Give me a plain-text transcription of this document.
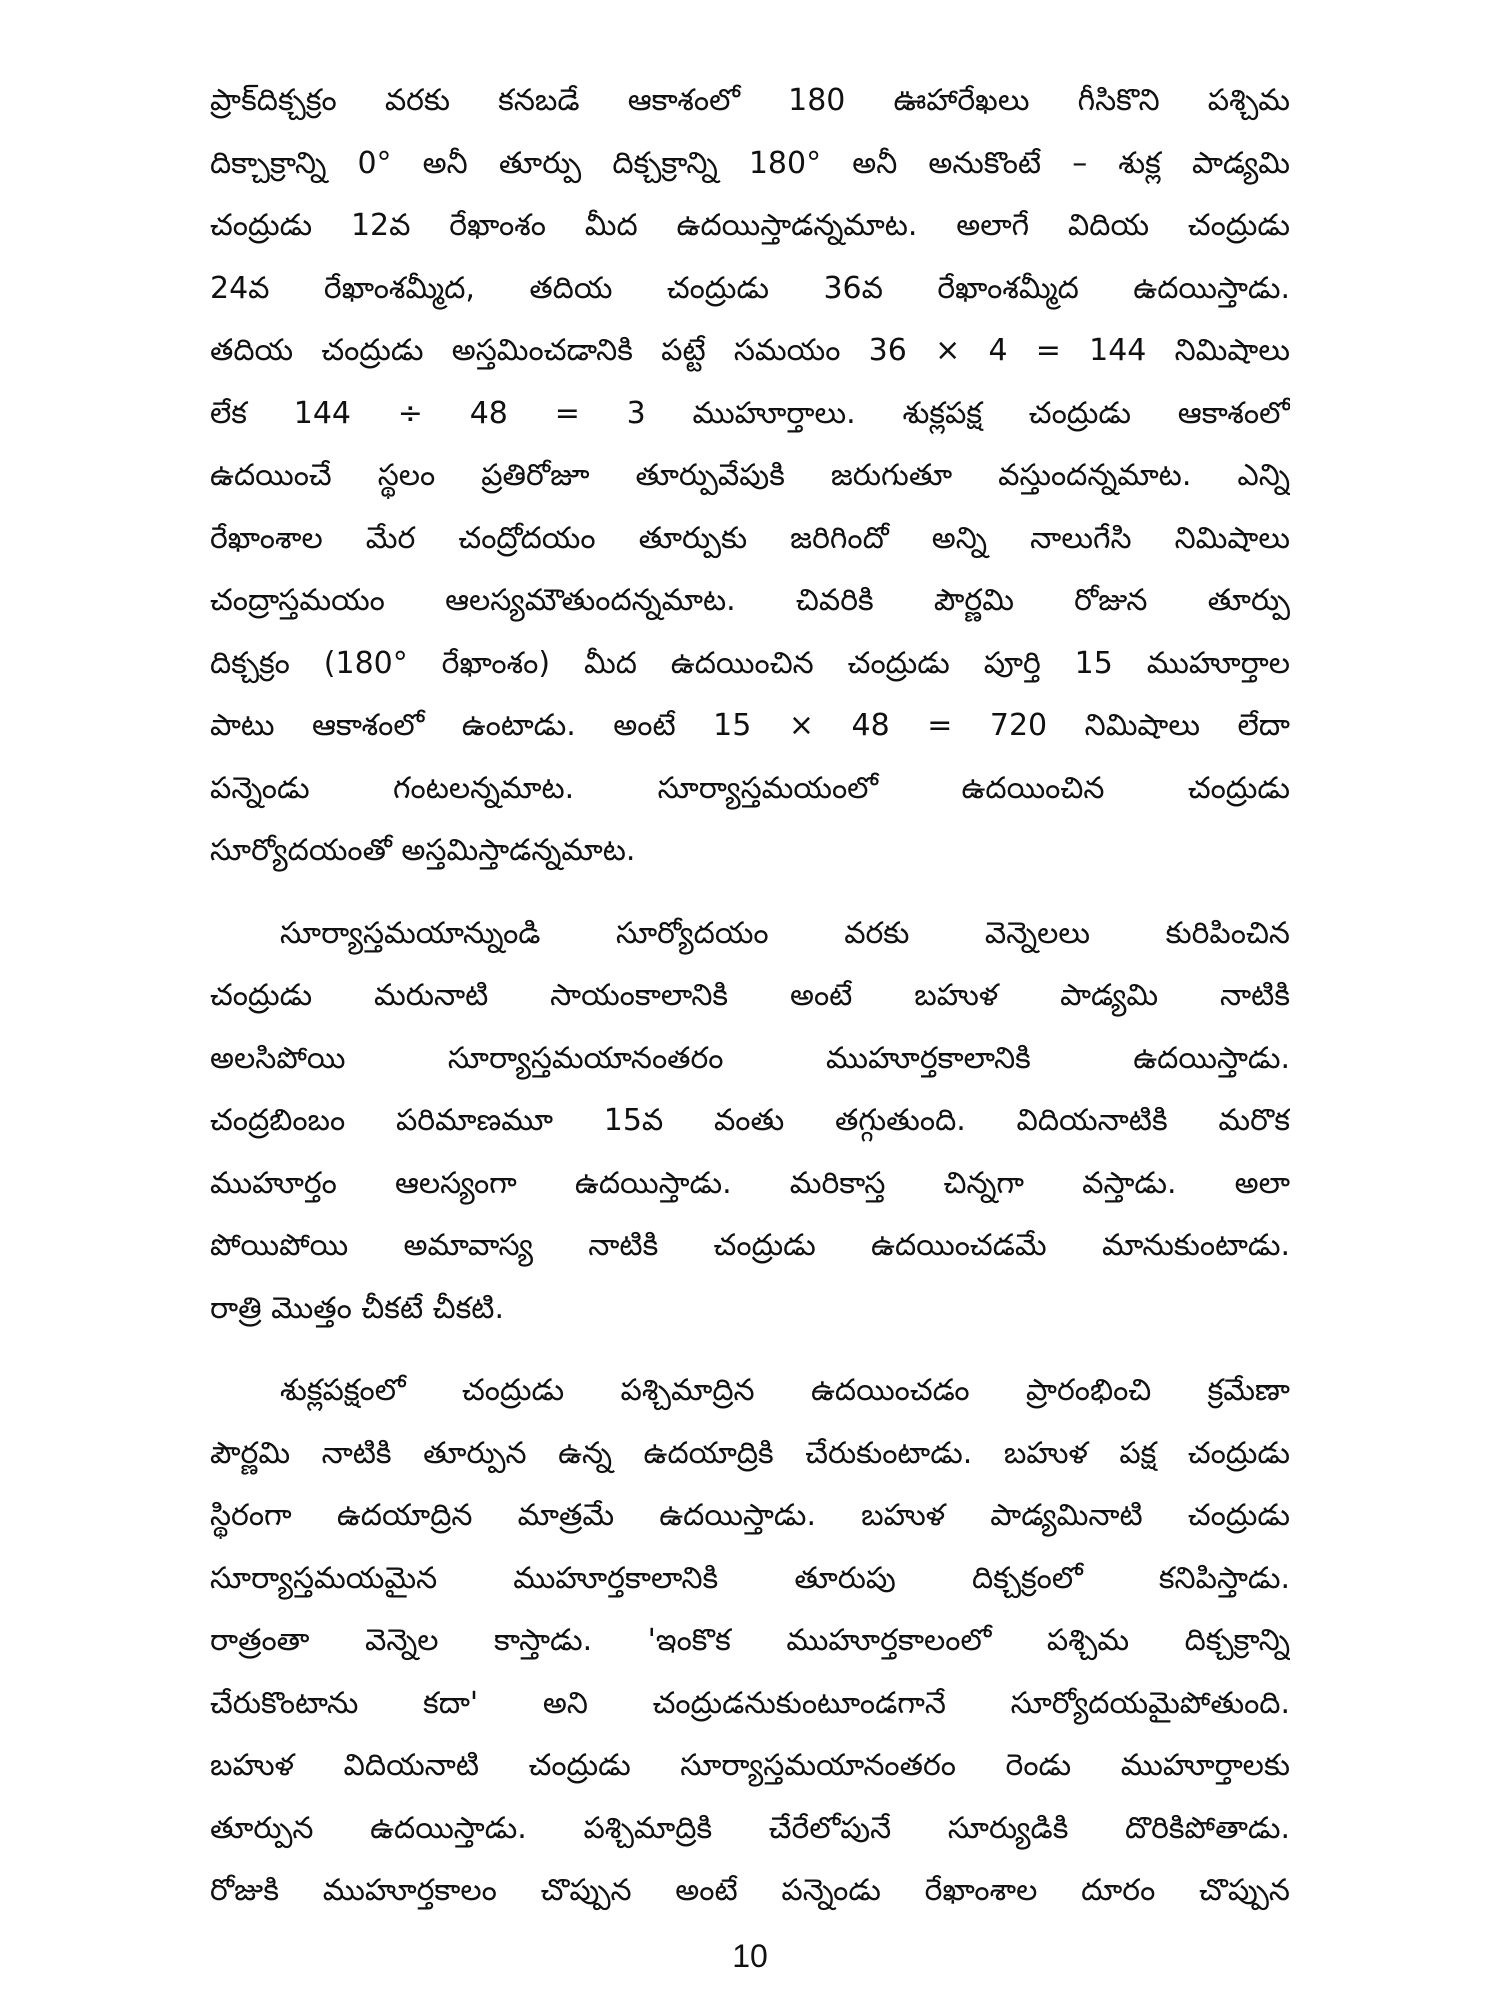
ప్రాక్‌దిక్చక్రం వరకు కనబడే ఆకాశంలో 180 ఊహారేఖలు గీసికొని పశ్చిమ
దిక్చాక్రాన్ని 0° అనీ తూర్పు దిక్చక్రాన్ని 180° అనీ అనుకొంటే – శుక్ల పాడ్యమి
చంద్రుడు 12వ రేఖాంశం మీద ఉదయిస్తాడన్నమాట. అలాగే విదియ చంద్రుడు
24వ రేఖాంశమ్మీద, తదియ చంద్రుడు 36వ రేఖాంశమ్మీద ఉదయిస్తాడు.
తదియ చంద్రుడు అస్తమించడానికి పట్టే సమయం 36 × 4 = 144 నిమిషాలు
లేక 144 ÷ 48 = 3 ముహూర్తాలు. శుక్లపక్ష చంద్రుడు ఆకాశంలో
ఉదయించే స్థలం ప్రతిరోజూ తూర్పువేపుకి జరుగుతూ వస్తుందన్నమాట. ఎన్ని
రేఖాంశాల మేర చంద్రోదయం తూర్పుకు జరిగిందో అన్ని నాలుగేసి నిమిషాలు
చంద్రాస్తమయం ఆలస్యమౌతుందన్నమాట. చివరికి పౌర్ణమి రోజున తూర్పు
దిక్చక్రం (180° రేఖాంశం) మీద ఉదయించిన చంద్రుడు పూర్తి 15 ముహూర్తాల
పాటు ఆకాశంలో ఉంటాడు. అంటే 15 × 48 = 720 నిమిషాలు లేదా
పన్నెండు గంటలన్నమాట. సూర్యాస్తమయంలో ఉదయించిన చంద్రుడు
సూర్యోదయంతో అస్తమిస్తాడన్నమాట.

సూర్యాస్తమయాన్నుండి సూర్యోదయం వరకు వెన్నెలలు కురిపించిన
చంద్రుడు మరునాటి సాయంకాలానికి అంటే బహుళ పాడ్యమి నాటికి
అలసిపోయి సూర్యాస్తమయానంతరం ముహూర్తకాలానికి ఉదయిస్తాడు.
చంద్రబింబం పరిమాణమూ 15వ వంతు తగ్గుతుంది. విదియనాటికి మరొక
ముహూర్తం ఆలస్యంగా ఉదయిస్తాడు. మరికాస్త చిన్నగా వస్తాడు. అలా
పోయిపోయి అమావాస్య నాటికి చంద్రుడు ఉదయించడమే మానుకుంటాడు.
రాత్రి మొత్తం చీకటే చీకటి.

శుక్లపక్షంలో చంద్రుడు పశ్చిమాద్రిన ఉదయించడం ప్రారంభించి క్రమేణా
పౌర్ణమి నాటికి తూర్పున ఉన్న ఉదయాద్రికి చేరుకుంటాడు. బహుళ పక్ష చంద్రుడు
స్థిరంగా ఉదయాద్రిన మాత్రమే ఉదయిస్తాడు. బహుళ పాడ్యమినాటి చంద్రుడు
సూర్యాస్తమయమైన ముహూర్తకాలానికి తూరుపు దిక్చక్రంలో కనిపిస్తాడు.
రాత్రంతా వెన్నెల కాస్తాడు. 'ఇంకొక ముహూర్తకాలంలో పశ్చిమ దిక్చక్రాన్ని
చేరుకొంటాను కదా' అని చంద్రుడనుకుంటూండగానే సూర్యోదయమైపోతుంది.
బహుళ విదియనాటి చంద్రుడు సూర్యాస్తమయానంతరం రెండు ముహూర్తాలకు
తూర్పున ఉదయిస్తాడు. పశ్చిమాద్రికి చేరేలోపునే సూర్యుడికి దొరికిపోతాడు.
రోజుకి ముహూర్తకాలం చొప్పున అంటే పన్నెండు రేఖాంశాల దూరం చొప్పున

10
